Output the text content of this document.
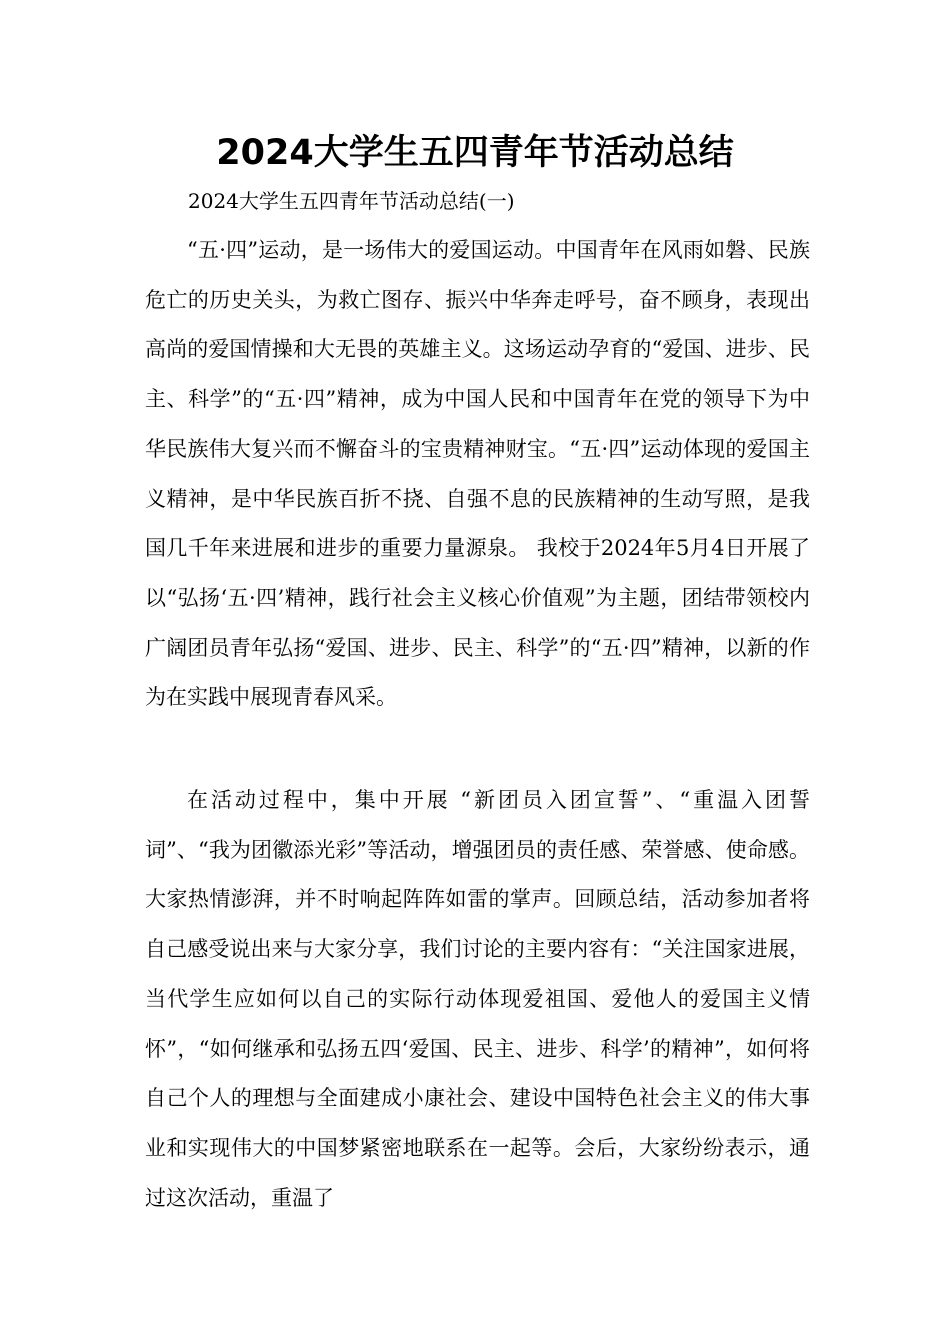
2024大学生五四青年节活动总结

2024大学生五四青年节活动总结(一)

“五·四”运动，是一场伟大的爱国运动。中国青年在风雨如磐、民族危亡的历史关头，为救亡图存、振兴中华奔走呼号，奋不顾身，表现出高尚的爱国情操和大无畏的英雄主义。这场运动孕育的“爱国、进步、民主、科学”的“五·四”精神，成为中国人民和中国青年在党的领导下为中华民族伟大复兴而不懈奋斗的宝贵精神财宝。“五·四”运动体现的爱国主义精神，是中华民族百折不挠、自强不息的民族精神的生动写照，是我国几千年来进展和进步的重要力量源泉。 我校于2024年5月4日开展了以“弘扬‘五·四’精神，践行社会主义核心价值观”为主题，团结带领校内广阔团员青年弘扬“爱国、进步、民主、科学”的“五·四”精神，以新的作为在实践中展现青春风采。

在活动过程中，集中开展 “新团员入团宣誓”、“重温入团誓词”、“我为团徽添光彩”等活动，增强团员的责任感、荣誉感、使命感。大家热情澎湃，并不时响起阵阵如雷的掌声。回顾总结，活动参加者将自己感受说出来与大家分享，我们讨论的主要内容有：“关注国家进展，当代学生应如何以自己的实际行动体现爱祖国、爱他人的爱国主义情怀”，“如何继承和弘扬五四‘爱国、民主、进步、科学’的精神”，如何将自己个人的理想与全面建成小康社会、建设中国特色社会主义的伟大事业和实现伟大的中国梦紧密地联系在一起等。会后，大家纷纷表示，通过这次活动，重温了
